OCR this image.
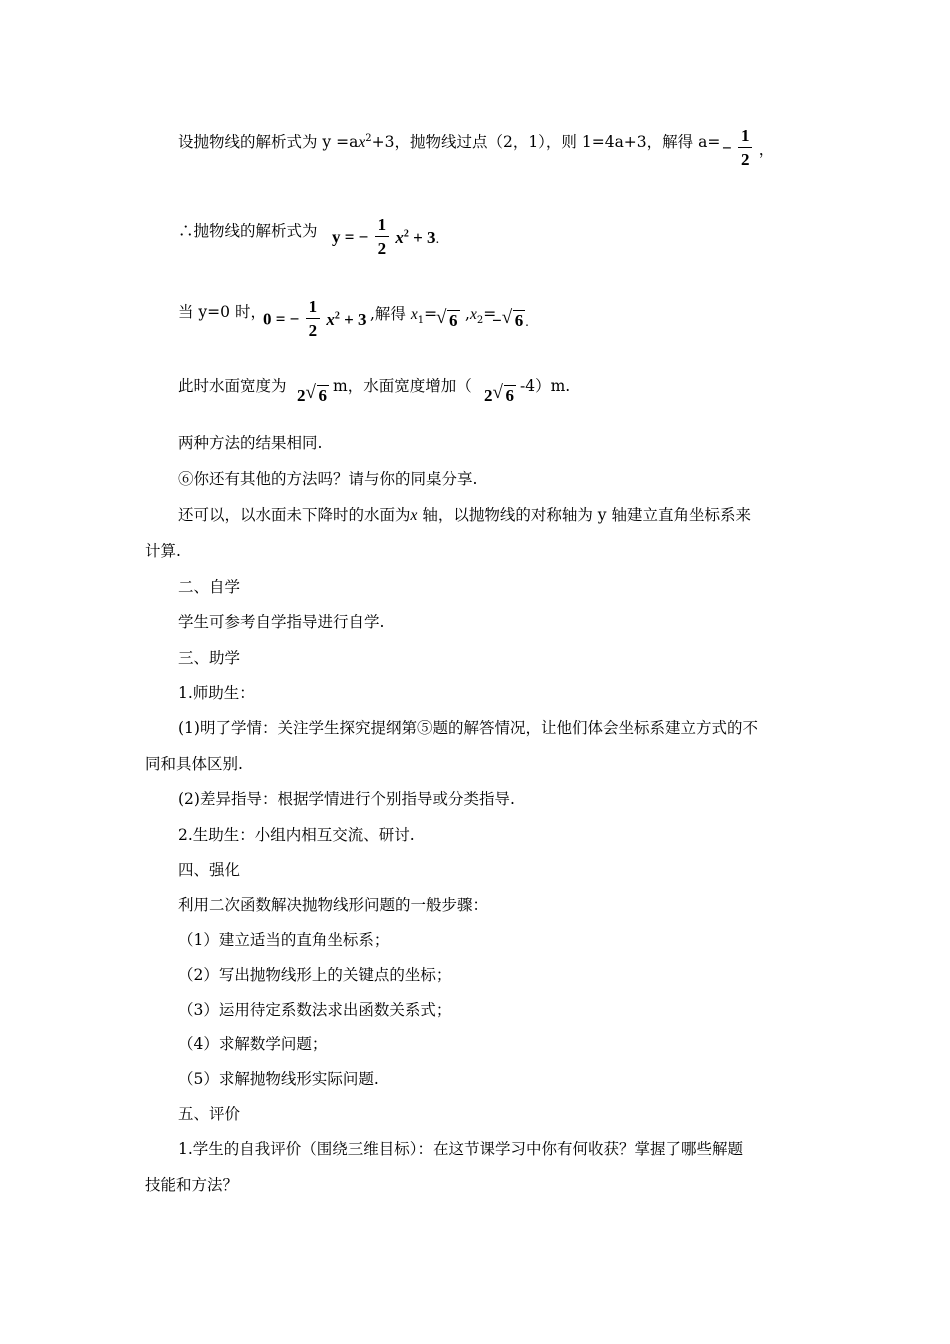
设抛物线的解析式为 $y =ax^2+3$，抛物线过点（2，1），则 1=4a+3，解得 $a= - \frac{1}{2}$ ，
∴抛物线的解析式为 y = − $\frac{1}{2} x^2 + 3$.
当 y=0 时，
0 = − $\frac{1}{2} x^2 + 3$ ,解得 $x_1=$ √ 6 $,x_2=$
− √ 6 .
此时水面宽度为 2 √ 6 m，水面宽度增加（ 2 √ 6 -4）m.
两种方法的结果相同.
⑥你还有其他的方法吗？请与你的同桌分享.
还可以，以水面未下降时的水面为x 轴，以抛物线的对称轴为 y 轴建立直角坐标系来
计算.
二、自学
学生可参考自学指导进行自学.
三、助学
1.师助生：
(1)明了学情：关注学生探究提纲第⑤题的解答情况，让他们体会坐标系建立方式的不
同和具体区别.
(2)差异指导：根据学情进行个别指导或分类指导.
2.生助生：小组内相互交流、研讨.
四、强化
利用二次函数解决抛物线形问题的一般步骤：
（1）建立适当的直角坐标系；
（2）写出抛物线形上的关键点的坐标；
（3）运用待定系数法求出函数关系式；
（4）求解数学问题；
（5）求解抛物线形实际问题.
五、评价
1.学生的自我评价（围绕三维目标）：在这节课学习中你有何收获？掌握了哪些解题
技能和方法？
